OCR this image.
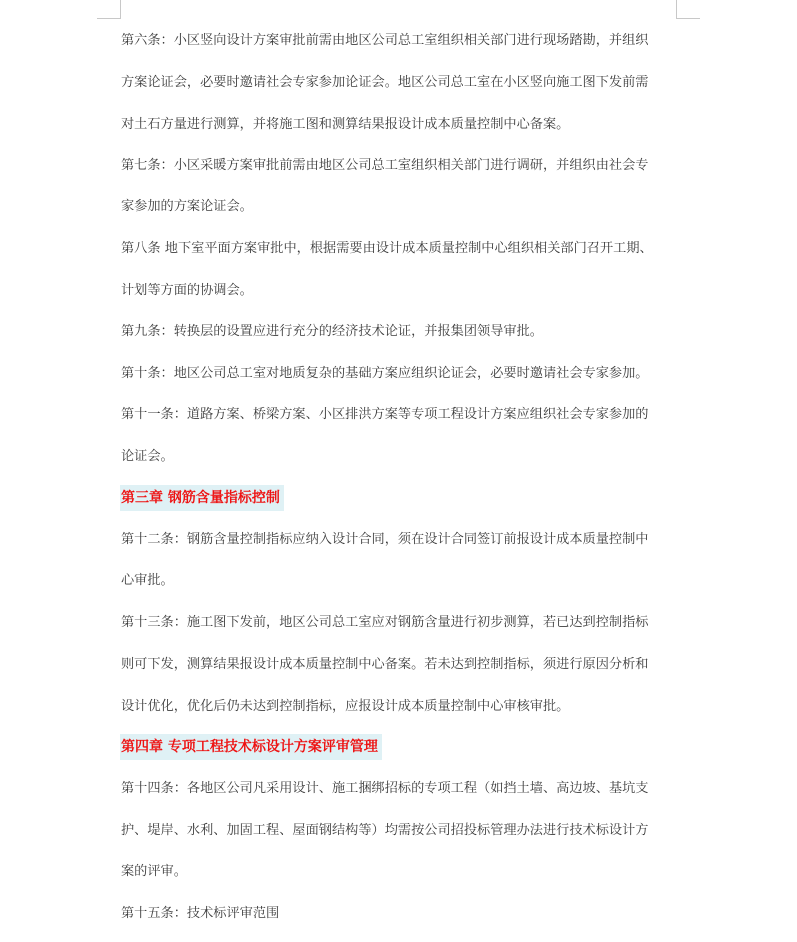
第六条：小区竖向设计方案审批前需由地区公司总工室组织相关部门进行现场踏勘，并组织
方案论证会，必要时邀请社会专家参加论证会。地区公司总工室在小区竖向施工图下发前需
对土石方量进行测算，并将施工图和测算结果报设计成本质量控制中心备案。
第七条：小区采暖方案审批前需由地区公司总工室组织相关部门进行调研，并组织由社会专
家参加的方案论证会。
第八条 地下室平面方案审批中，根据需要由设计成本质量控制中心组织相关部门召开工期、
计划等方面的协调会。
第九条：转换层的设置应进行充分的经济技术论证，并报集团领导审批。
第十条：地区公司总工室对地质复杂的基础方案应组织论证会，必要时邀请社会专家参加。
第十一条：道路方案、桥梁方案、小区排洪方案等专项工程设计方案应组织社会专家参加的
论证会。
第三章 钢筋含量指标控制
第十二条：钢筋含量控制指标应纳入设计合同，须在设计合同签订前报设计成本质量控制中
心审批。
第十三条：施工图下发前，地区公司总工室应对钢筋含量进行初步测算，若已达到控制指标
则可下发，测算结果报设计成本质量控制中心备案。若未达到控制指标，须进行原因分析和
设计优化，优化后仍未达到控制指标，应报设计成本质量控制中心审核审批。
第四章 专项工程技术标设计方案评审管理
第十四条：各地区公司凡采用设计、施工捆绑招标的专项工程（如挡土墙、高边坡、基坑支
护、堤岸、水利、加固工程、屋面钢结构等）均需按公司招投标管理办法进行技术标设计方
案的评审。
第十五条：技术标评审范围
